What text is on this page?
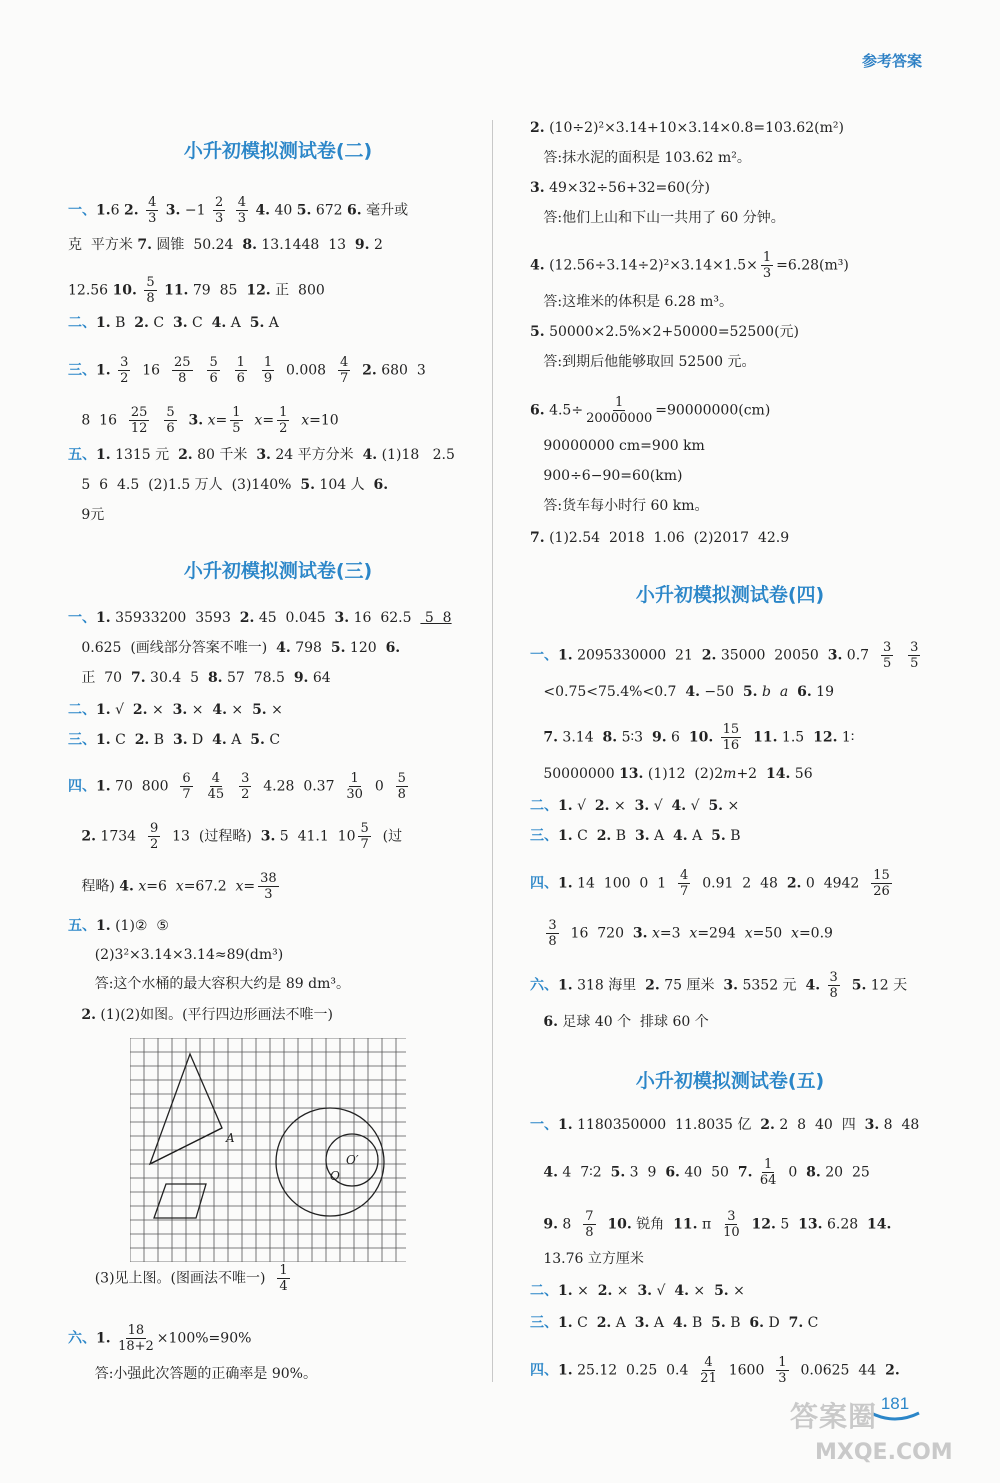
参考答案

小升初模拟测试卷(二)

一、1.6 2. $\frac{4}{3} 3$. $-1 \frac{2}{3}$
$\frac{4}{3} 4$. 40 5. 672 6. 毫升或
克  平方米 7. 圆锥  50.24  8. 13.1448  13  9. 2
12.56 10. $\frac{5}{8} 11$. 79  85  12. 正  800
二、1. B  2. C  3. C  4. A  5. A
三、1. $\frac{3}{2} 16 \frac{25}{8}$
$\frac{5}{6}$
$\frac{1}{6}$
$\frac{1}{9} 0.008 \frac{4}{7} 2$. 680  3
8  $16 \frac{25}{12}$
$\frac{5}{6} 3$. $x= \frac{1}{5} x= \frac{1}{2} x=10$
五、1. 1315 元  2. 80 千米  3. 24 平方分米  4. (1)18   2.5
5  6  4.5  (2)1.5 万人  (3)140%  5. 104 人  6.
9元

小升初模拟测试卷(三)

一、1. 35933200  3593  2. 45  0.045  3. 16  62.5   5  8
0.625  (画线部分答案不唯一)  4. 798  5. 120  6.
正  70  7. 30.4  5  8. 57  78.5  9. 64
二、1. √  2. ×  3. ×  4. ×  5. ×
三、1. C  2. B  3. D  4. A  5. C
四、1. 70  $800 \frac{6}{7}$
$\frac{4}{45}$
$\frac{3}{2} 4.28$  $0.37 \frac{1}{30} 0 \frac{5}{8}$
2. $1734 \frac{9}{2} 13$  (过程略)  3. 5  41.1  $10 \frac{5}{7}$ (过
程略) 4. x=6  x=67.2  $x= \frac{38}{3}$
五、1. (1)②  ⑤
(2)3²×3.14×3.14≈89(dm³)
答:这个水桶的最大容积大约是 89 dm³。
2. (1)(2)如图。(平行四边形画法不唯一)
(3)见上图。(图画法不唯一) $\frac{1}{4}$
六、1. $\frac{18}{18+2} \times 100\%=90\%$
答:小强此次答题的正确率是 90%。
A
O
O′
2. (10÷2)²×3.14+10×3.14×0.8=103.62(m²)
答:抹水泥的面积是 103.62 m²。
3. 49×32÷56+32=60(分)
答:他们上山和下山一共用了 60 分钟。
4. $(12.56\div 3.14\div 2)^2\times 3.14\times 1.5\times \frac{1}{3} =6.28(m^3)$
答:这堆米的体积是 6.28 m³。
5. 50000×2.5%×2+50000=52500(元)
答:到期后他能够取回 52500 元。
6. $4.5\div \frac{1}{20000000} =90000000(cm)$
90000000 cm=900 km
900÷6−90=60(km)
答:货车每小时行 60 km。
7. (1)2.54  2018  1.06  (2)2017  42.9

小升初模拟测试卷(四)

一、1. 2095330000  21  2. 35000  20050  3. 0.7̇ $\frac{3}{5}$
$\frac{3}{5}$
<0.75<75.4%<0.7̇  4. −50  5. b a 6. 19
7. 3.14  8. 5∶3  9. 6  10. $\frac{15}{16} 11$. 1.5  12. 1∶
50000000 13. (1)12  (2)2m+2  14. 56
二、1. √  2. ×  3. √  4. √  5. ×
三、1. C  2. B  3. A  4. A  5. B
四、1. 14  100  0  $1 \frac{4}{7} 0.91$  2  48  2. 0  $4942 \frac{15}{26}$

$\frac{3}{8} 16$  720  3. x=3  x=294  x=50  x=0.9
六、1. 318 海里  2. 75 厘米  3. 5352 元  4. $\frac{3}{8} 5$. 12 天
6. 足球 40 个  排球 60 个

小升初模拟测试卷(五)

一、1. 1180350000  11.8035 亿  2. 2  8  40  四  3. 8  48
4. 4  7∶2  5. 3  9  6. 40  50  7. $\frac{1}{64} 0$  8. 20  25
9. $8 \frac{7}{8} 10$. 锐角  11. π $\frac{3}{10} 12$. 5  13. 6.28  14.
13.76 立方厘米
二、1. ×  2. ×  3. √  4. ×  5. ×
三、1. C  2. A  3. A  4. B  5. B  6. D  7. C
四、1. 25.12  0.25  $0.4 \frac{4}{21} 1600 \frac{1}{3} 0.0625$  44  2.
181
答案圈
MXQE.COM
